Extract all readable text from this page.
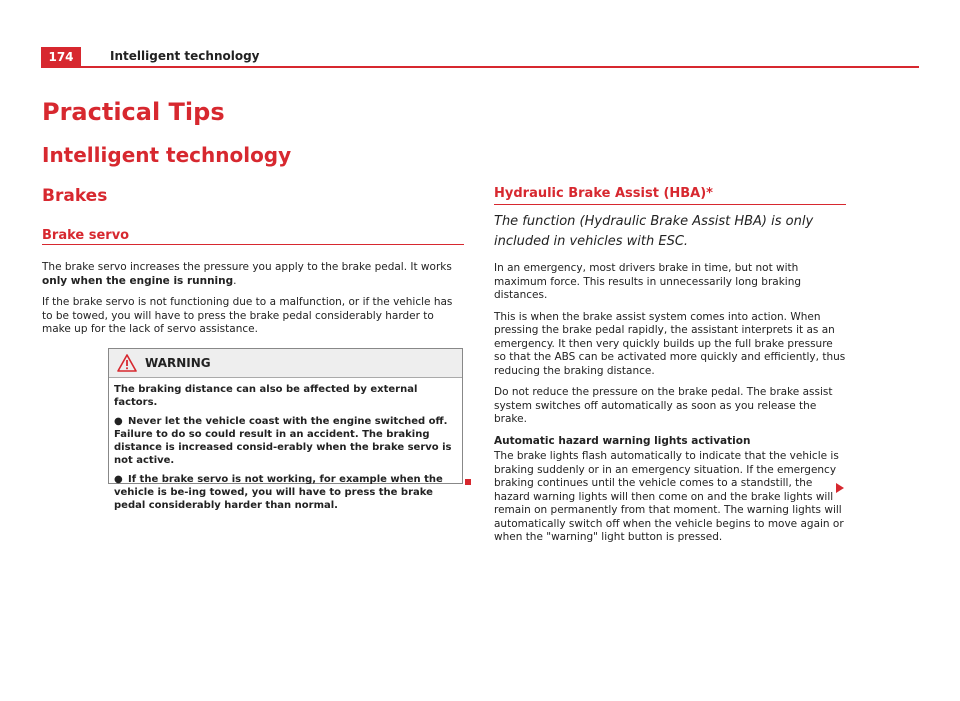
174	Intelligent technology
Practical Tips
Intelligent technology
Brakes
Brake servo

The brake servo increases the pressure you apply to the brake pedal. It works only when the engine is running.

If the brake servo is not functioning due to a malfunction, or if the vehicle has to be towed, you will have to press the brake pedal considerably harder to make up for the lack of servo assistance.

WARNING

The braking distance can also be affected by external factors.

● Never let the vehicle coast with the engine switched off. Failure to do so could result in an accident. The braking distance is increased consid-erably when the brake servo is not active.

● If the brake servo is not working, for example when the vehicle is be-ing towed, you will have to press the brake pedal considerably harder than normal.

Hydraulic Brake Assist (HBA)*

The function (Hydraulic Brake Assist HBA) is only included in vehicles with ESC.

In an emergency, most drivers brake in time, but not with maximum force. This results in unnecessarily long braking distances.

This is when the brake assist system comes into action. When pressing the brake pedal rapidly, the assistant interprets it as an emergency. It then very quickly builds up the full brake pressure so that the ABS can be activated more quickly and efficiently, thus reducing the braking distance.

Do not reduce the pressure on the brake pedal. The brake assist system switches off automatically as soon as you release the brake.

Automatic hazard warning lights activation

The brake lights flash automatically to indicate that the vehicle is braking suddenly or in an emergency situation. If the emergency braking continues until the vehicle comes to a standstill, the hazard warning lights will then come on and the brake lights will remain on permanently from that moment. The warning lights will automatically switch off when the vehicle begins to move again or when the "warning" light button is pressed.
